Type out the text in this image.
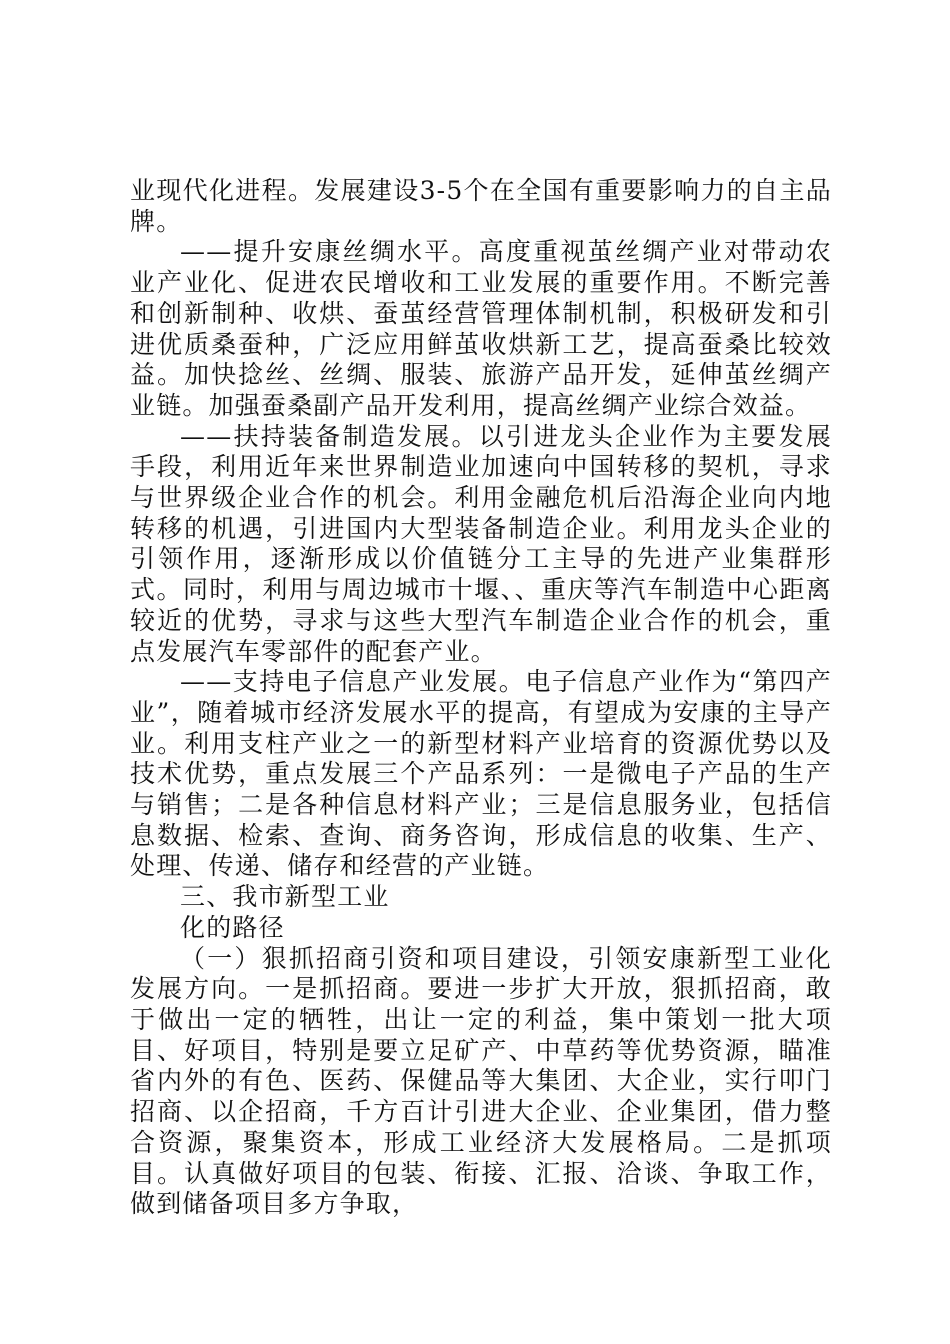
业现代化进程。发展建设3-5个在全国有重要影响力的自主品牌。

——提升安康丝绸水平。高度重视茧丝绸产业对带动农业产业化、促进农民增收和工业发展的重要作用。不断完善和创新制种、收烘、蚕茧经营管理体制机制，积极研发和引进优质桑蚕种，广泛应用鲜茧收烘新工艺，提高蚕桑比较效益。加快捻丝、丝绸、服装、旅游产品开发，延伸茧丝绸产业链。加强蚕桑副产品开发利用，提高丝绸产业综合效益。

——扶持装备制造发展。以引进龙头企业作为主要发展手段，利用近年来世界制造业加速向中国转移的契机，寻求与世界级企业合作的机会。利用金融危机后沿海企业向内地转移的机遇，引进国内大型装备制造企业。利用龙头企业的引领作用，逐渐形成以价值链分工主导的先进产业集群形式。同时，利用与周边城市十堰、、重庆等汽车制造中心距离较近的优势，寻求与这些大型汽车制造企业合作的机会，重点发展汽车零部件的配套产业。

——支持电子信息产业发展。电子信息产业作为“第四产业”，随着城市经济发展水平的提高，有望成为安康的主导产业。利用支柱产业之一的新型材料产业培育的资源优势以及技术优势，重点发展三个产品系列：一是微电子产品的生产与销售；二是各种信息材料产业；三是信息服务业，包括信息数据、检索、查询、商务咨询，形成信息的收集、生产、处理、传递、储存和经营的产业链。

三、我市新型工业

化的路径

（一）狠抓招商引资和项目建设，引领安康新型工业化发展方向。一是抓招商。要进一步扩大开放，狠抓招商，敢于做出一定的牺牲，出让一定的利益，集中策划一批大项目、好项目，特别是要立足矿产、中草药等优势资源，瞄准省内外的有色、医药、保健品等大集团、大企业，实行叩门招商、以企招商，千方百计引进大企业、企业集团，借力整合资源，聚集资本，形成工业经济大发展格局。二是抓项目。认真做好项目的包装、衔接、汇报、洽谈、争取工作，做到储备项目多方争取，
